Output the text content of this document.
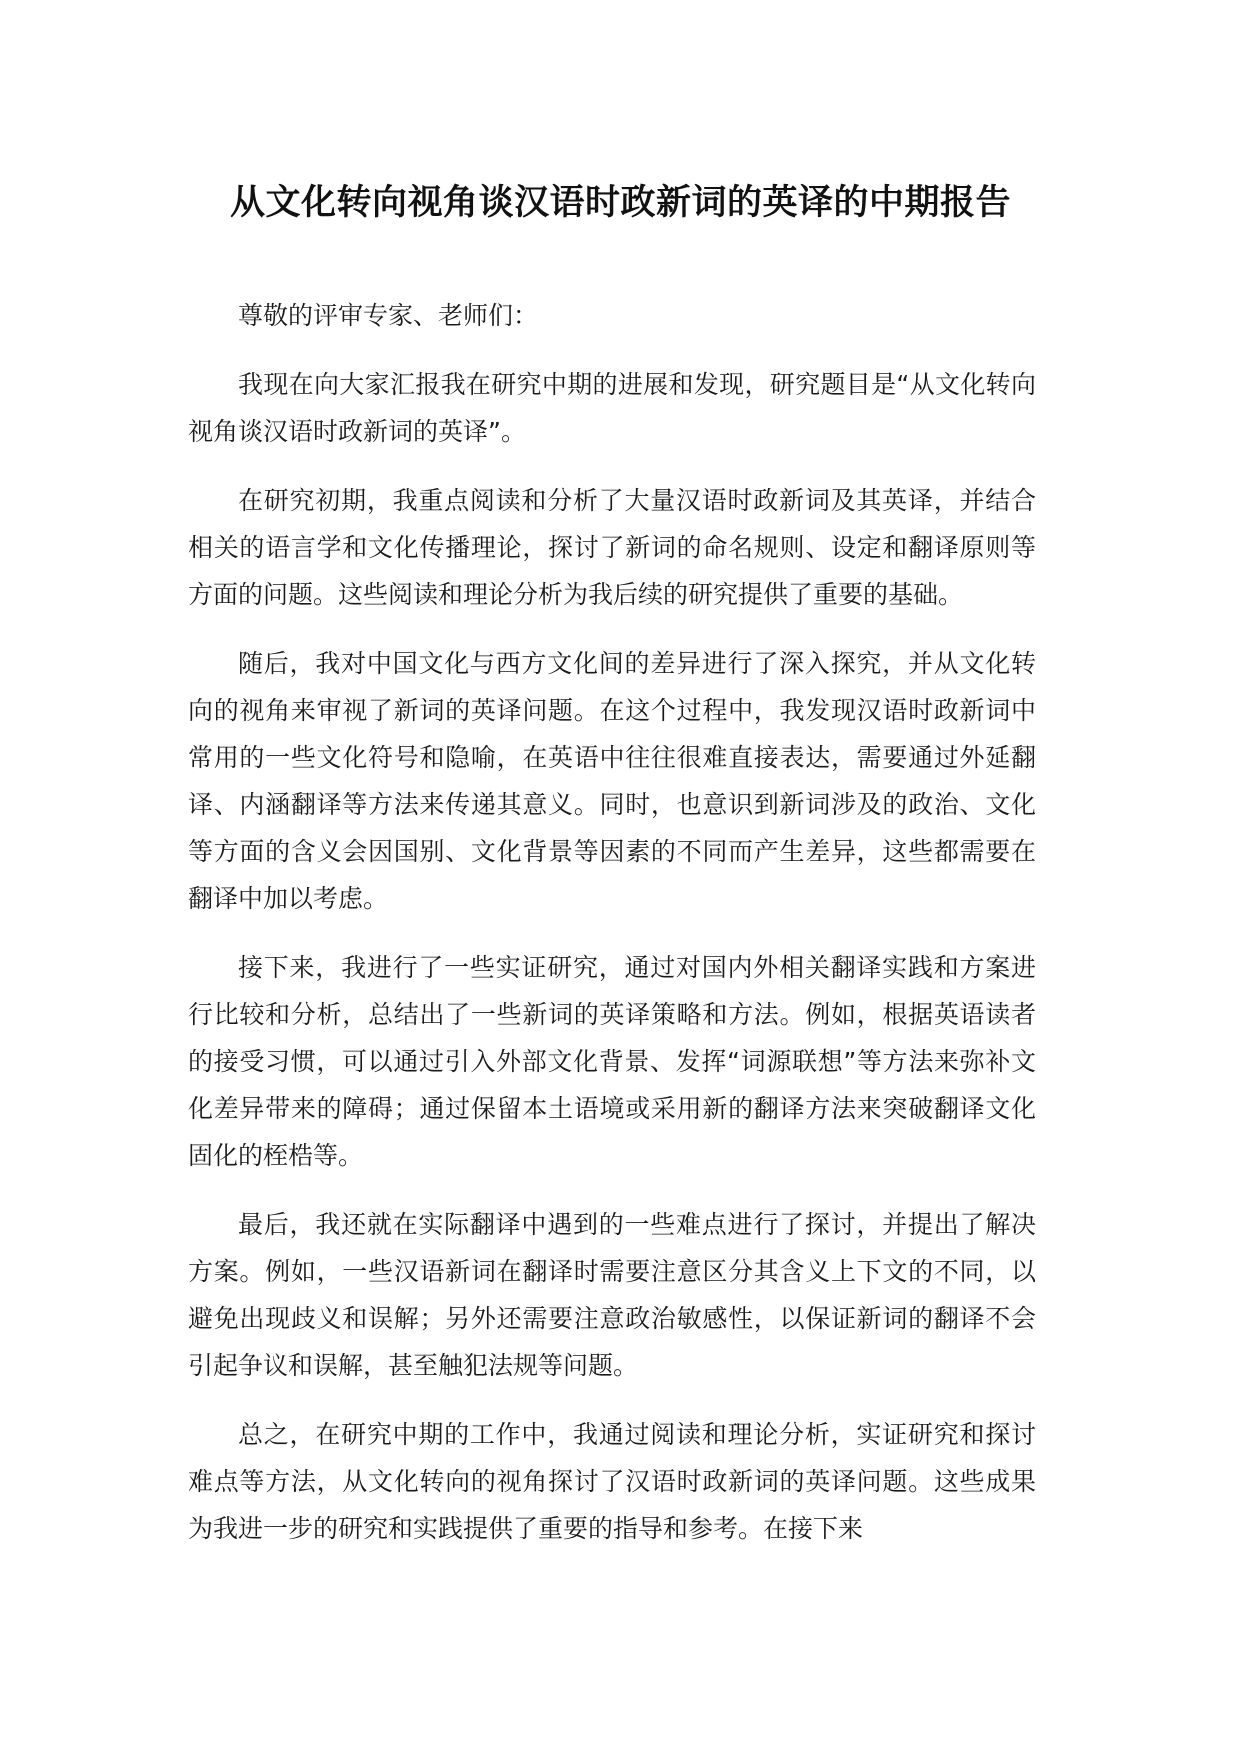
从文化转向视角谈汉语时政新词的英译的中期报告

尊敬的评审专家、老师们：

我现在向大家汇报我在研究中期的进展和发现，研究题目是“从文化转向视角谈汉语时政新词的英译”。

在研究初期，我重点阅读和分析了大量汉语时政新词及其英译，并结合相关的语言学和文化传播理论，探讨了新词的命名规则、设定和翻译原则等方面的问题。这些阅读和理论分析为我后续的研究提供了重要的基础。

随后，我对中国文化与西方文化间的差异进行了深入探究，并从文化转向的视角来审视了新词的英译问题。在这个过程中，我发现汉语时政新词中常用的一些文化符号和隐喻，在英语中往往很难直接表达，需要通过外延翻译、内涵翻译等方法来传递其意义。同时，也意识到新词涉及的政治、文化等方面的含义会因国别、文化背景等因素的不同而产生差异，这些都需要在翻译中加以考虑。

接下来，我进行了一些实证研究，通过对国内外相关翻译实践和方案进行比较和分析，总结出了一些新词的英译策略和方法。例如，根据英语读者的接受习惯，可以通过引入外部文化背景、发挥“词源联想”等方法来弥补文化差异带来的障碍；通过保留本土语境或采用新的翻译方法来突破翻译文化固化的桎梏等。

最后，我还就在实际翻译中遇到的一些难点进行了探讨，并提出了解决方案。例如，一些汉语新词在翻译时需要注意区分其含义上下文的不同，以避免出现歧义和误解；另外还需要注意政治敏感性，以保证新词的翻译不会引起争议和误解，甚至触犯法规等问题。

总之，在研究中期的工作中，我通过阅读和理论分析，实证研究和探讨难点等方法，从文化转向的视角探讨了汉语时政新词的英译问题。这些成果为我进一步的研究和实践提供了重要的指导和参考。在接下来
